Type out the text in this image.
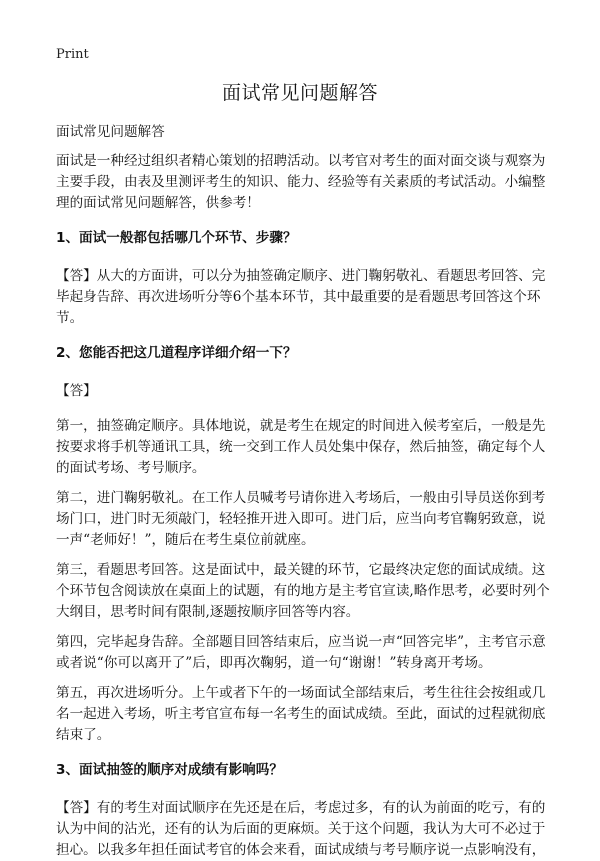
Print
面试常见问题解答

面试常见问题解答

面试是一种经过组织者精心策划的招聘活动。以考官对考生的面对面交谈与观察为主要手段，由表及里测评考生的知识、能力、经验等有关素质的考试活动。小编整理的面试常见问题解答，供参考！

1、面试一般都包括哪几个环节、步骤？

【答】从大的方面讲，可以分为抽签确定顺序、进门鞠躬敬礼、看题思考回答、完毕起身告辞、再次进场听分等6个基本环节，其中最重要的是看题思考回答这个环节。

2、您能否把这几道程序详细介绍一下？

【答】

第一，抽签确定顺序。具体地说，就是考生在规定的时间进入候考室后，一般是先按要求将手机等通讯工具，统一交到工作人员处集中保存，然后抽签，确定每个人的面试考场、考号顺序。

第二，进门鞠躬敬礼。在工作人员喊考号请你进入考场后，一般由引导员送你到考场门口，进门时无须敲门，轻轻推开进入即可。进门后，应当向考官鞠躬致意，说一声“老师好！”，随后在考生桌位前就座。

第三，看题思考回答。这是面试中，最关键的环节，它最终决定您的面试成绩。这个环节包含阅读放在桌面上的试题，有的地方是主考官宣读,略作思考，必要时列个大纲目，思考时间有限制,逐题按顺序回答等内容。

第四，完毕起身告辞。全部题目回答结束后，应当说一声“回答完毕”，主考官示意或者说“你可以离开了”后，即再次鞠躬，道一句“谢谢！”转身离开考场。

第五，再次进场听分。上午或者下午的一场面试全部结束后，考生往往会按组或几名一起进入考场，听主考官宣布每一名考生的面试成绩。至此，面试的过程就彻底结束了。

3、面试抽签的顺序对成绩有影响吗？

【答】有的考生对面试顺序在先还是在后，考虑过多，有的认为前面的吃亏，有的认为中间的沾光，还有的认为后面的更麻烦。关于这个问题，我认为大可不必过于担心。以我多年担任面试考官的体会来看，面试成绩与考号顺序说一点影响没有，
